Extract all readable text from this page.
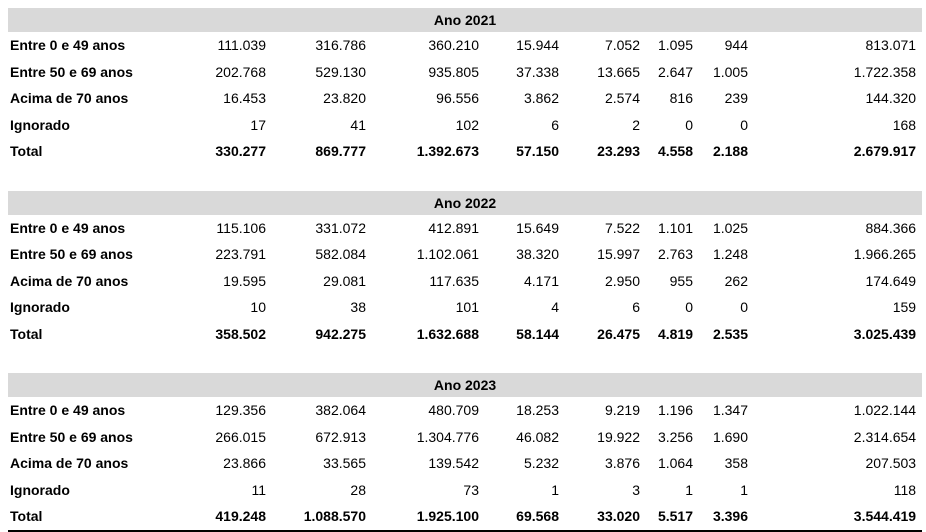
Ano 2021								
Entre 0 e 49 anos	111.039	316.786	360.210	15.944	7.052	1.095	944	813.071
Entre 50 e 69 anos	202.768	529.130	935.805	37.338	13.665	2.647	1.005	1.722.358
Acima de 70 anos	16.453	23.820	96.556	3.862	2.574	816	239	144.320
Ignorado	17	41	102	6	2	0	0	168
Total	330.277	869.777	1.392.673	57.150	23.293	4.558	2.188	2.679.917

Ano 2022								
Entre 0 e 49 anos	115.106	331.072	412.891	15.649	7.522	1.101	1.025	884.366
Entre 50 e 69 anos	223.791	582.084	1.102.061	38.320	15.997	2.763	1.248	1.966.265
Acima de 70 anos	19.595	29.081	117.635	4.171	2.950	955	262	174.649
Ignorado	10	38	101	4	6	0	0	159
Total	358.502	942.275	1.632.688	58.144	26.475	4.819	2.535	3.025.439

Ano 2023								
Entre 0 e 49 anos	129.356	382.064	480.709	18.253	9.219	1.196	1.347	1.022.144
Entre 50 e 69 anos	266.015	672.913	1.304.776	46.082	19.922	3.256	1.690	2.314.654
Acima de 70 anos	23.866	33.565	139.542	5.232	3.876	1.064	358	207.503
Ignorado	11	28	73	1	3	1	1	118
Total	419.248	1.088.570	1.925.100	69.568	33.020	5.517	3.396	3.544.419
